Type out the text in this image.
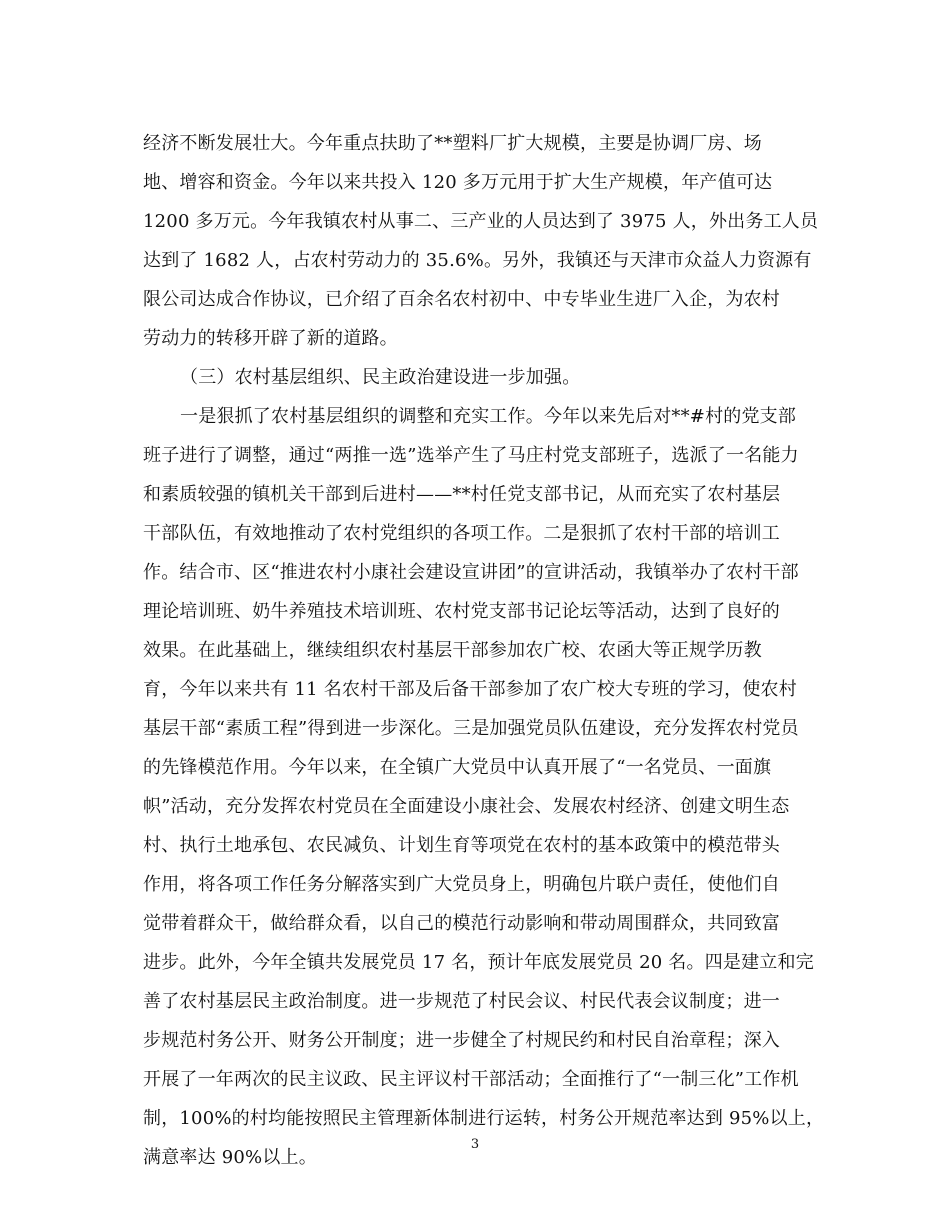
经济不断发展壮大。今年重点扶助了**塑料厂扩大规模，主要是协调厂房、场
地、增容和资金。今年以来共投入 120 多万元用于扩大生产规模，年产值可达
1200 多万元。今年我镇农村从事二、三产业的人员达到了 3975 人，外出务工人员
达到了 1682 人，占农村劳动力的 35.6%。另外，我镇还与天津市众益人力资源有
限公司达成合作协议，已介绍了百余名农村初中、中专毕业生进厂入企，为农村
劳动力的转移开辟了新的道路。
（三）农村基层组织、民主政治建设进一步加强。
一是狠抓了农村基层组织的调整和充实工作。今年以来先后对**#村的党支部
班子进行了调整，通过“两推一选”选举产生了马庄村党支部班子，选派了一名能力
和素质较强的镇机关干部到后进村——**村任党支部书记，从而充实了农村基层
干部队伍，有效地推动了农村党组织的各项工作。二是狠抓了农村干部的培训工
作。结合市、区“推进农村小康社会建设宣讲团”的宣讲活动，我镇举办了农村干部
理论培训班、奶牛养殖技术培训班、农村党支部书记论坛等活动，达到了良好的
效果。在此基础上，继续组织农村基层干部参加农广校、农函大等正规学历教
育，今年以来共有 11 名农村干部及后备干部参加了农广校大专班的学习，使农村
基层干部“素质工程”得到进一步深化。三是加强党员队伍建设，充分发挥农村党员
的先锋模范作用。今年以来，在全镇广大党员中认真开展了“一名党员、一面旗
帜”活动，充分发挥农村党员在全面建设小康社会、发展农村经济、创建文明生态
村、执行土地承包、农民减负、计划生育等项党在农村的基本政策中的模范带头
作用，将各项工作任务分解落实到广大党员身上，明确包片联户责任，使他们自
觉带着群众干，做给群众看，以自己的模范行动影响和带动周围群众，共同致富
进步。此外，今年全镇共发展党员 17 名，预计年底发展党员 20 名。四是建立和完
善了农村基层民主政治制度。进一步规范了村民会议、村民代表会议制度；进一
步规范村务公开、财务公开制度；进一步健全了村规民约和村民自治章程；深入
开展了一年两次的民主议政、民主评议村干部活动；全面推行了“一制三化”工作机
制，100%的村均能按照民主管理新体制进行运转，村务公开规范率达到 95%以上，
满意率达 90%以上。
3
